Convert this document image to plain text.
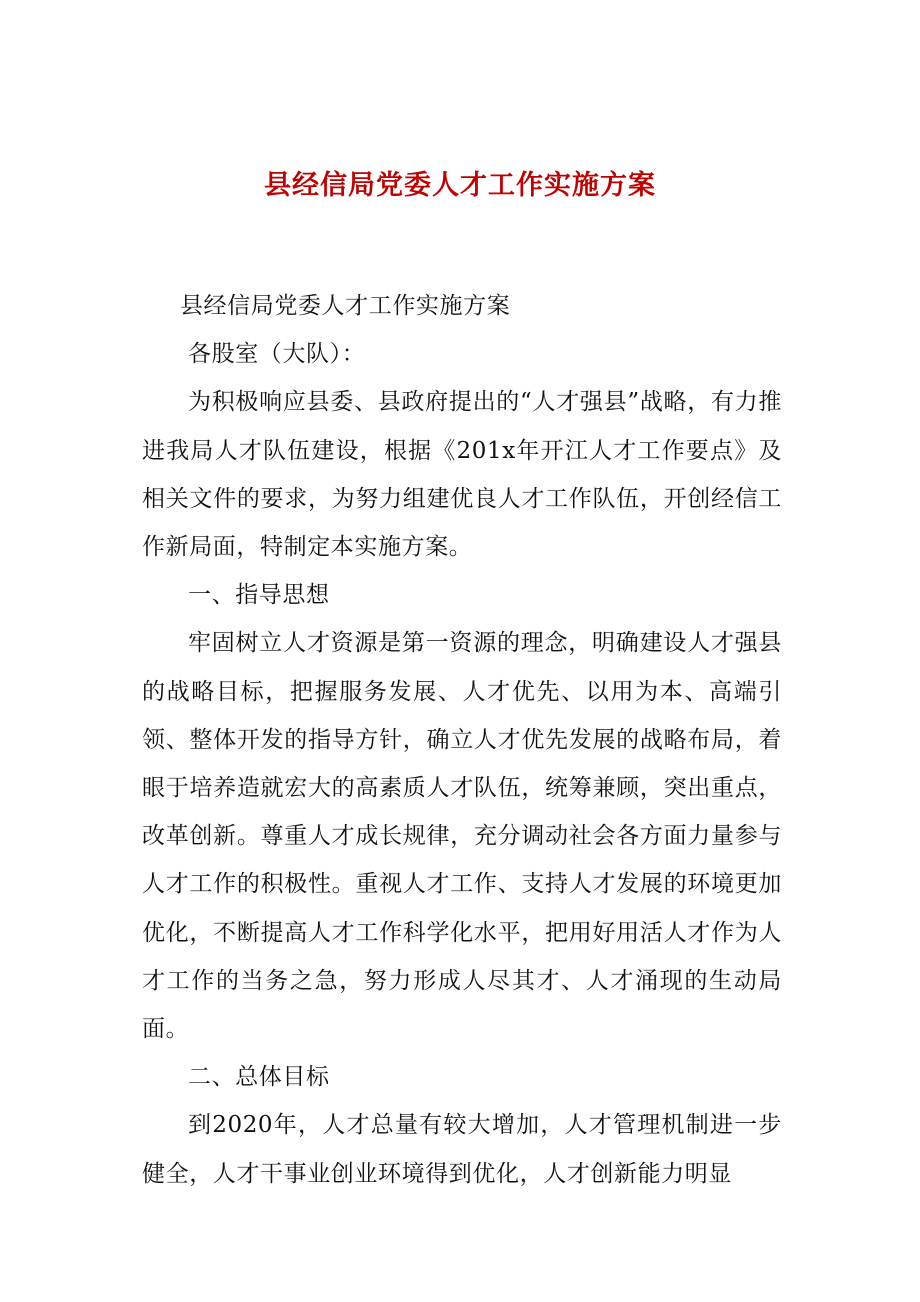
县经信局党委人才工作实施方案

县经信局党委人才工作实施方案

各股室（大队）：

为积极响应县委、县政府提出的“人才强县”战略，有力推进我局人才队伍建设，根据《201x年开江人才工作要点》及相关文件的要求，为努力组建优良人才工作队伍，开创经信工作新局面，特制定本实施方案。

一、指导思想

牢固树立人才资源是第一资源的理念，明确建设人才强县的战略目标，把握服务发展、人才优先、以用为本、高端引领、整体开发的指导方针，确立人才优先发展的战略布局，着眼于培养造就宏大的高素质人才队伍，统筹兼顾，突出重点，改革创新。尊重人才成长规律，充分调动社会各方面力量参与人才工作的积极性。重视人才工作、支持人才发展的环境更加优化，不断提高人才工作科学化水平，把用好用活人才作为人才工作的当务之急，努力形成人尽其才、人才涌现的生动局面。

二、总体目标

到2020年，人才总量有较大增加，人才管理机制进一步健全，人才干事业创业环境得到优化，人才创新能力明显
